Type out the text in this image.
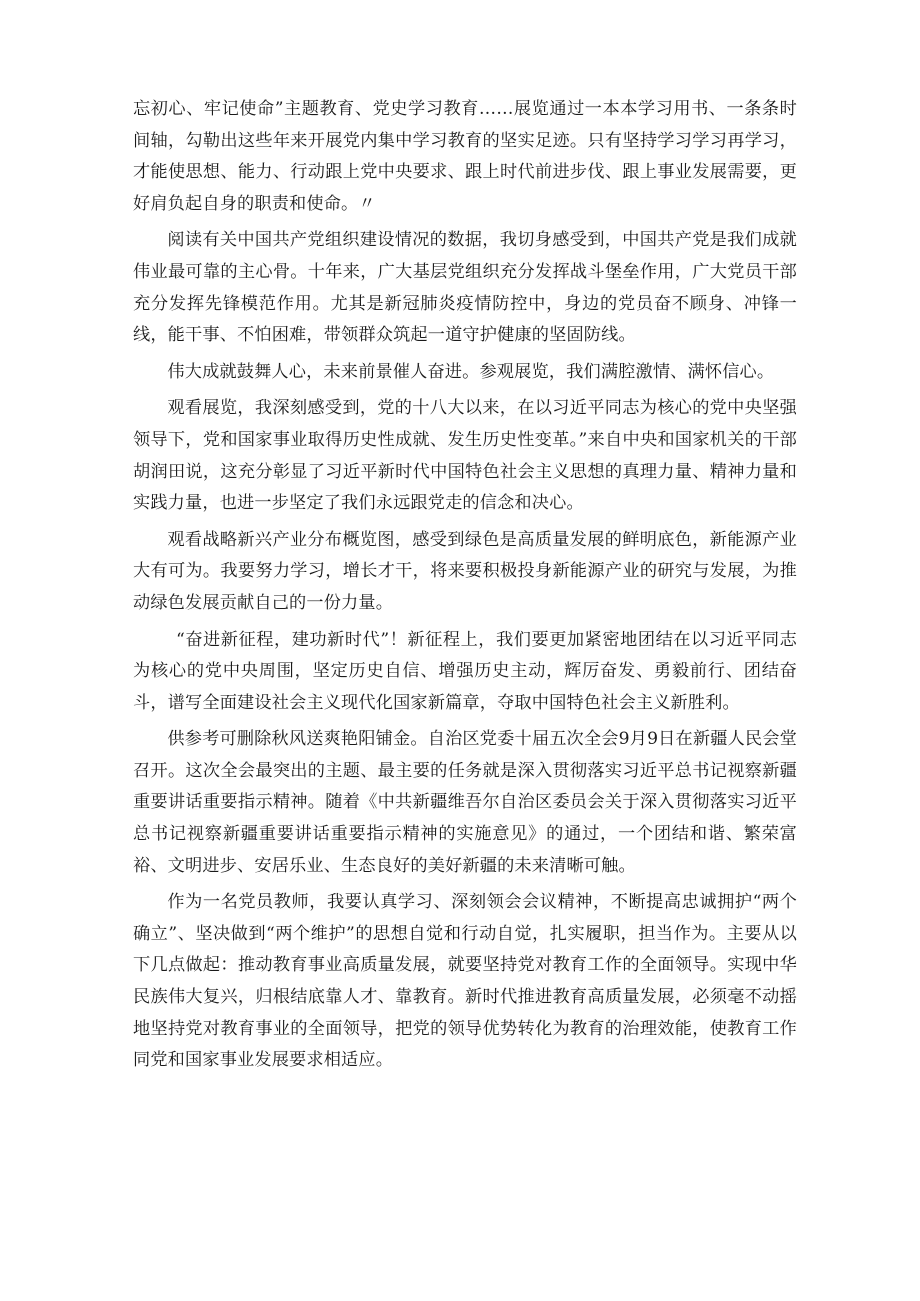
忘初心、牢记使命”主题教育、党史学习教育……展览通过一本本学习用书、一条条时间轴，勾勒出这些年来开展党内集中学习教育的坚实足迹。只有坚持学习学习再学习，才能使思想、能力、行动跟上党中央要求、跟上时代前进步伐、跟上事业发展需要，更好肩负起自身的职责和使命。〃

阅读有关中国共产党组织建设情况的数据，我切身感受到，中国共产党是我们成就伟业最可靠的主心骨。十年来，广大基层党组织充分发挥战斗堡垒作用，广大党员干部充分发挥先锋模范作用。尤其是新冠肺炎疫情防控中，身边的党员奋不顾身、冲锋一线，能干事、不怕困难，带领群众筑起一道守护健康的坚固防线。

伟大成就鼓舞人心，未来前景催人奋进。参观展览，我们满腔激情、满怀信心。

观看展览，我深刻感受到，党的十八大以来，在以习近平同志为核心的党中央坚强领导下，党和国家事业取得历史性成就、发生历史性变革。”来自中央和国家机关的干部胡润田说，这充分彰显了习近平新时代中国特色社会主义思想的真理力量、精神力量和实践力量，也进一步坚定了我们永远跟党走的信念和决心。

观看战略新兴产业分布概览图，感受到绿色是高质量发展的鲜明底色，新能源产业大有可为。我要努力学习，增长才干，将来要积极投身新能源产业的研究与发展，为推动绿色发展贡献自己的一份力量。

“奋进新征程，建功新时代”！新征程上，我们要更加紧密地团结在以习近平同志为核心的党中央周围，坚定历史自信、增强历史主动，辉厉奋发、勇毅前行、团结奋斗，谱写全面建设社会主义现代化国家新篇章，夺取中国特色社会主义新胜利。

供参考可删除秋风送爽艳阳铺金。自治区党委十届五次全会9月9日在新疆人民会堂召开。这次全会最突出的主题、最主要的任务就是深入贯彻落实习近平总书记视察新疆重要讲话重要指示精神。随着《中共新疆维吾尔自治区委员会关于深入贯彻落实习近平总书记视察新疆重要讲话重要指示精神的实施意见》的通过，一个团结和谐、繁荣富裕、文明进步、安居乐业、生态良好的美好新疆的未来清晰可触。

作为一名党员教师，我要认真学习、深刻领会会议精神，不断提高忠诚拥护“两个确立”、坚决做到“两个维护”的思想自觉和行动自觉，扎实履职，担当作为。主要从以下几点做起：推动教育事业高质量发展，就要坚持党对教育工作的全面领导。实现中华民族伟大复兴，归根结底靠人才、靠教育。新时代推进教育高质量发展，必须毫不动摇地坚持党对教育事业的全面领导，把党的领导优势转化为教育的治理效能，使教育工作同党和国家事业发展要求相适应。
